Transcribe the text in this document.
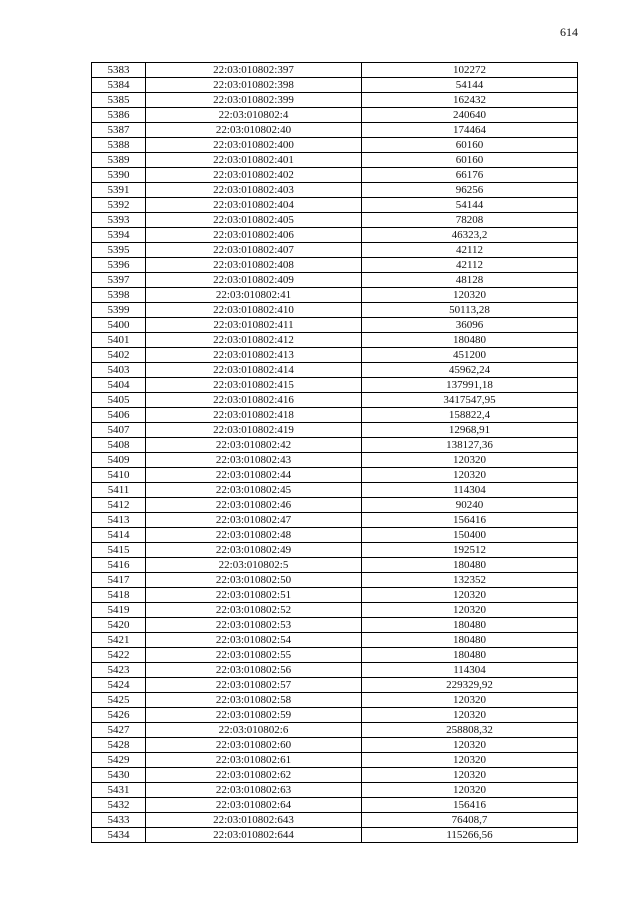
614
5383	22:03:010802:397	102272
5384	22:03:010802:398	54144
5385	22:03:010802:399	162432
5386	22:03:010802:4	240640
5387	22:03:010802:40	174464
5388	22:03:010802:400	60160
5389	22:03:010802:401	60160
5390	22:03:010802:402	66176
5391	22:03:010802:403	96256
5392	22:03:010802:404	54144
5393	22:03:010802:405	78208
5394	22:03:010802:406	46323,2
5395	22:03:010802:407	42112
5396	22:03:010802:408	42112
5397	22:03:010802:409	48128
5398	22:03:010802:41	120320
5399	22:03:010802:410	50113,28
5400	22:03:010802:411	36096
5401	22:03:010802:412	180480
5402	22:03:010802:413	451200
5403	22:03:010802:414	45962,24
5404	22:03:010802:415	137991,18
5405	22:03:010802:416	3417547,95
5406	22:03:010802:418	158822,4
5407	22:03:010802:419	12968,91
5408	22:03:010802:42	138127,36
5409	22:03:010802:43	120320
5410	22:03:010802:44	120320
5411	22:03:010802:45	114304
5412	22:03:010802:46	90240
5413	22:03:010802:47	156416
5414	22:03:010802:48	150400
5415	22:03:010802:49	192512
5416	22:03:010802:5	180480
5417	22:03:010802:50	132352
5418	22:03:010802:51	120320
5419	22:03:010802:52	120320
5420	22:03:010802:53	180480
5421	22:03:010802:54	180480
5422	22:03:010802:55	180480
5423	22:03:010802:56	114304
5424	22:03:010802:57	229329,92
5425	22:03:010802:58	120320
5426	22:03:010802:59	120320
5427	22:03:010802:6	258808,32
5428	22:03:010802:60	120320
5429	22:03:010802:61	120320
5430	22:03:010802:62	120320
5431	22:03:010802:63	120320
5432	22:03:010802:64	156416
5433	22:03:010802:643	76408,7
5434	22:03:010802:644	115266,56
